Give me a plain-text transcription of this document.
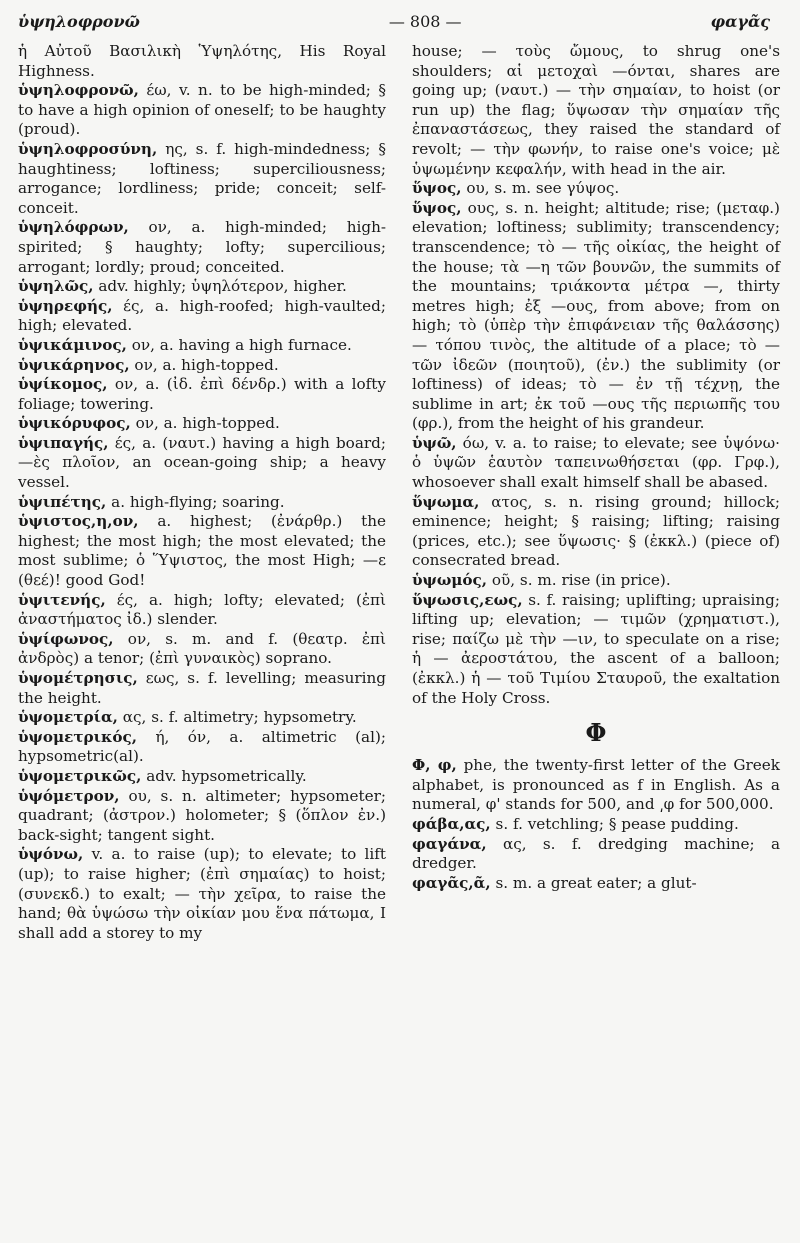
ὑψηλοφρονῶ	— 808 —	φαγᾶς

ἡ Αὐτοῦ Βασιλικὴ Ὑψηλότης, His Royal Highness.

ὑψηλοφρονῶ, έω, v. n. to be high-minded; § to have a high opinion of oneself; to be haughty (proud).

ὑψηλοφροσύνη, ης, s. f. high-mindedness; § haughtiness; loftiness; superciliousness; arrogance; lordliness; pride; conceit; self-conceit.

ὑψηλόφρων, ον, a. high-minded; high-spirited; § haughty; lofty; supercilious; arrogant; lordly; proud; conceited.

ὑψηλῶς, adv. highly; ὑψηλότερον, higher.

ὑψηρεφής, ές, a. high-roofed; high-vaulted; high; elevated.

ὑψικάμινος, ον, a. having a high furnace.

ὑψικάρηνος, ον, a. high-topped.

ὑψίκομος, ον, a. (ἰδ. ἐπὶ δένδρ.) with a lofty foliage; towering.

ὑψικόρυφος, ον, a. high-topped.

ὑψιπαγής, ές, a. (ναυτ.) having a high board; —ὲς πλοῖον, an ocean-going ship; a heavy vessel.

ὑψιπέτης, a. high-flying; soaring.

ὑψιστος,η,ον, a. highest; (ἐνάρθρ.) the highest; the most high; the most elevated; the most sublime; ὁ Ὕψιστος, the most High; —ε (θεέ)! good God!

ὑψιτενής, ές, a. high; lofty; elevated; (ἐπὶ ἀναστήματος ἰδ.) slender.

ὑψίφωνος, ον, s. m. and f. (θεατρ. ἐπὶ ἀνδρὸς) a tenor; (ἐπὶ γυναικὸς) soprano.

ὑψομέτρησις, εως, s. f. levelling; measuring the height.

ὑψομετρία, ας, s. f. altimetry; hypsometry.

ὑψομετρικός, ή, όν, a. altimetric (al); hypsometric(al).

ὑψομετρικῶς, adv. hypsometrically.

ὑψόμετρον, ου, s. n. altimeter; hypsometer; quadrant; (ἀστρον.) holometer; § (ὅπλον ἐν.) back-sight; tangent sight.

ὑψόνω, v. a. to raise (up); to elevate; to lift (up); to raise higher; (ἐπὶ σημαίας) to hoist; (συνεκδ.) to exalt; — τὴν χεῖρα, to raise the hand; θὰ ὑψώσω τὴν οἰκίαν μου ἕνα πάτωμα, I shall add a storey to my

house; — τοὺς ὤμους, to shrug one's shoulders; αἱ μετοχαὶ —όνται, shares are going up; (ναυτ.) — τὴν σημαίαν, to hoist (or run up) the flag; ὕψωσαν τὴν σημαίαν τῆς ἐπαναστάσεως, they raised the standard of revolt; — τὴν φωνήν, to raise one's voice; μὲ ὑψωμένην κεφαλήν, with head in the air.

ὕψος, ου, s. m. see γύψος.

ὕψος, ους, s. n. height; altitude; rise; (μεταφ.) elevation; loftiness; sublimity; transcendency; transcendence; τὸ — τῆς οἰκίας, the height of the house; τὰ —η τῶν βουνῶν, the summits of the mountains; τριάκοντα μέτρα —, thirty metres high; ἐξ —ους, from above; from on high; τὸ (ὑπὲρ τὴν ἐπιφάνειαν τῆς θαλάσσης) — τόπου τινὸς, the altitude of a place; τὸ — τῶν ἰδεῶν (ποιητοῦ), (ἐν.) the sublimity (or loftiness) of ideas; τὸ — ἐν τῇ τέχνῃ, the sublime in art; ἐκ τοῦ —ους τῆς περιωπῆς του (φρ.), from the height of his grandeur.

ὑψῶ, όω, v. a. to raise; to elevate; see ὑψόνω· ὁ ὑψῶν ἑαυτὸν ταπεινωθήσεται (φρ. Γρφ.), whosoever shall exalt himself shall be abased.

ὕψωμα, ατος, s. n. rising ground; hillock; eminence; height; § raising; lifting; raising (prices, etc.); see ὕψωσις· § (ἐκκλ.) (piece of) consecrated bread.

ὑψωμός, οῦ, s. m. rise (in price).

ὕψωσις,εως, s. f. raising; uplifting; upraising; lifting up; elevation; — τιμῶν (χρηματιστ.), rise; παίζω μὲ τὴν —ιν, to speculate on a rise; ἡ — ἀεροστάτου, the ascent of a balloon; (ἐκκλ.) ἡ — τοῦ Τιμίου Σταυροῦ, the exaltation of the Holy Cross.

Φ

Φ, φ, phe, the twenty-first letter of the Greek alphabet, is pronounced as f in English. As a numeral, φ' stands for 500, and ͵φ for 500,000.

φάβα,ας, s. f. vetchling; § pease pudding.

φαγάνα, ας, s. f. dredging machine; a dredger.

φαγᾶς,ᾶ, s. m. a great eater; a glut-
